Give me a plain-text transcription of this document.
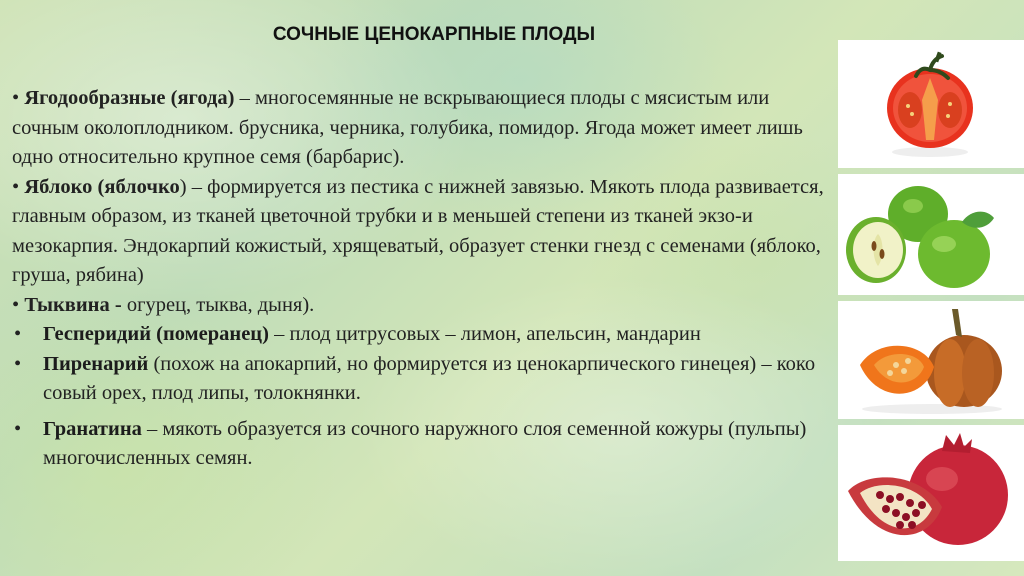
СОЧНЫЕ ЦЕНОКАРПНЫЕ ПЛОДЫ

• Ягодообразные (ягода) – многосемянные не вскрывающиеся плоды с мясистым или сочным околоплодником. брусника, черника, голубика, помидор. Ягода может имеет лишь одно относительно крупное семя (барбарис).

• Яблоко (яблочко) – формируется из пестика с нижней завязью. Мякоть плода развивается, главным образом, из тканей цветочной трубки и в меньшей степени из тканей экзо-и мезокарпия. Эндокарпий кожистый, хрящеватый, образует стенки гнезд с семенами (яблоко, груша, рябина)

• Тыквина - огурец, тыква, дыня).

• Гесперидий (померанец) – плод цитрусовых – лимон, апельсин, мандарин

• Пиренарий (похож на апокарпий, но формируется из ценокарпического гинецея) – коко совый орех, плод липы, толокнянки.

• Гранатина – мякоть образуется из сочного наружного слоя семенной кожуры (пульпы) многочисленных семян.
